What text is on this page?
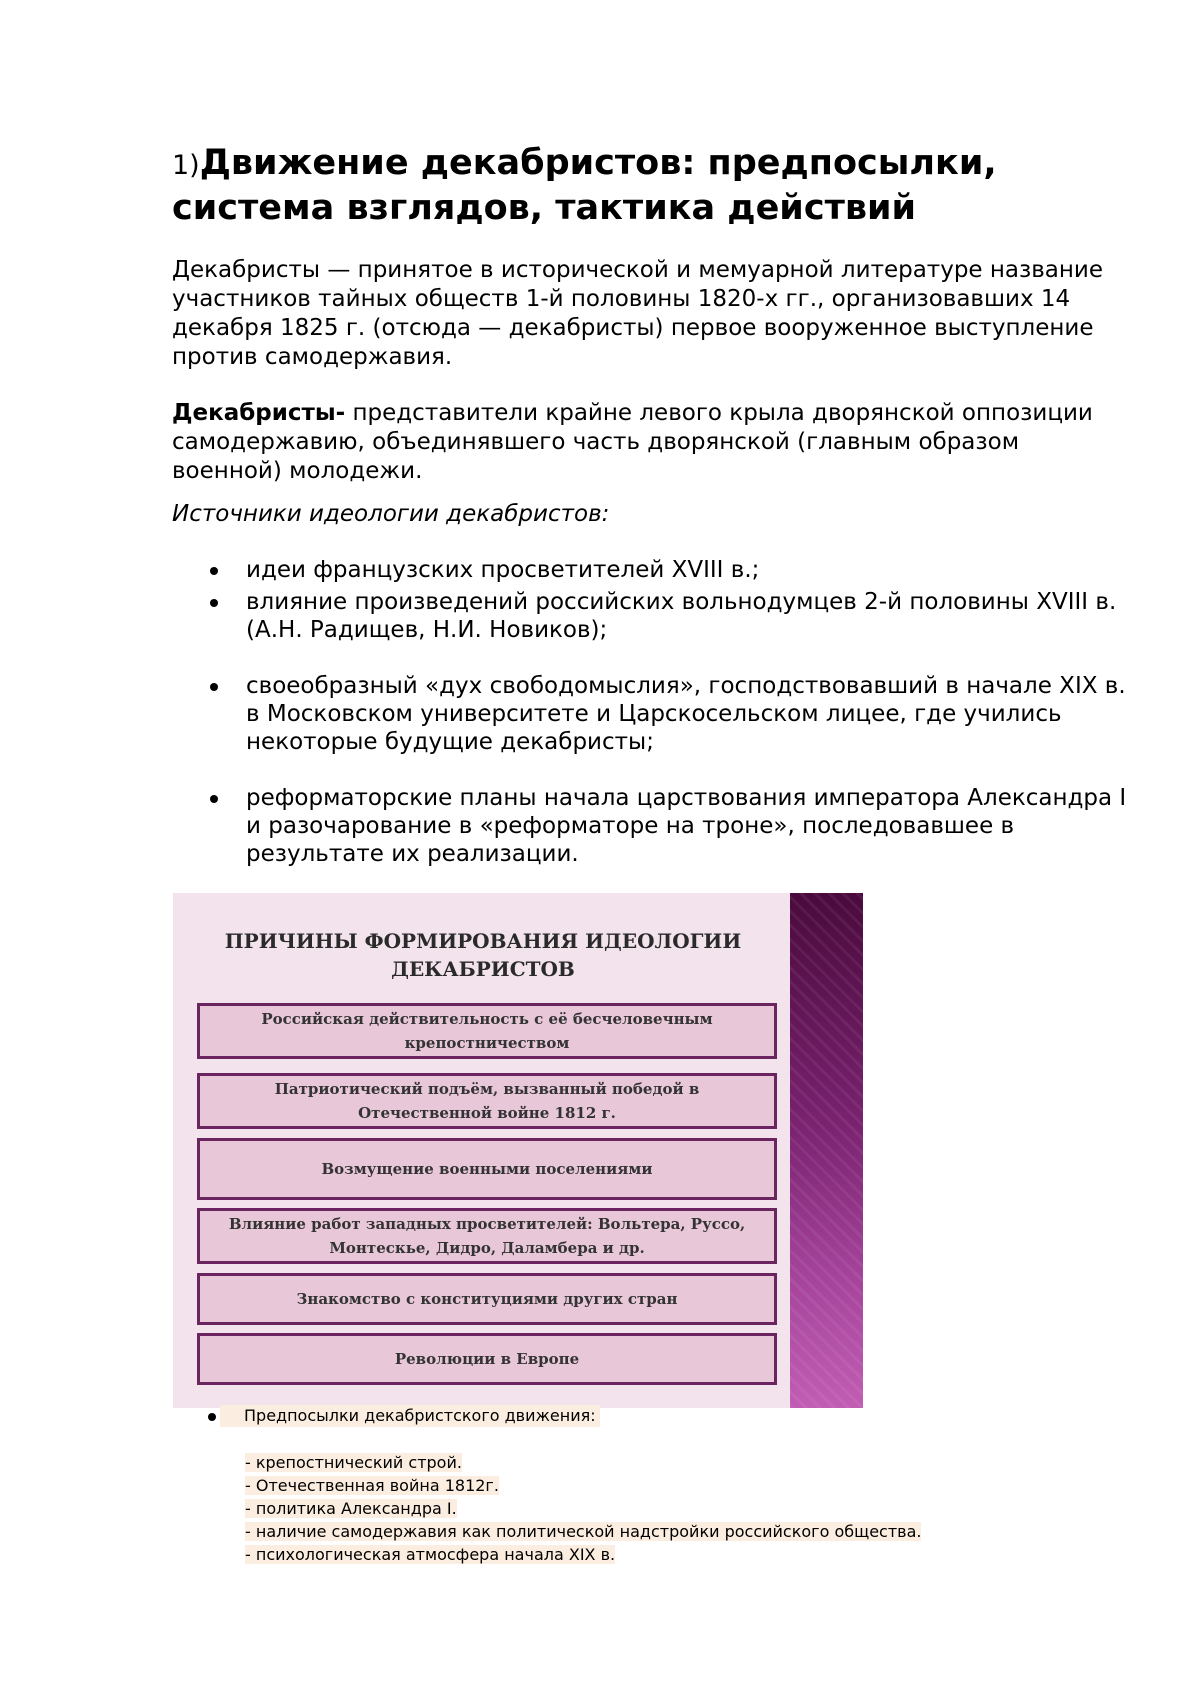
1)Движение декабристов: предпосылки, система взглядов, тактика действий

Декабристы — принятое в исторической и мемуарной литературе название участников тайных обществ 1-й половины 1820-х гг., организовавших 14 декабря 1825 г. (отсюда — декабристы) первое вооруженное выступление против самодержавия.

Декабристы- представители крайне левого крыла дворянской оппозиции самодержавию, объединявшего часть дворянской (главным образом военной) молодежи.

Источники идеологии декабристов:

идеи французских просветителей XVIII в.;
влияние произведений российских вольнодумцев 2-й половины XVIII в. (А.Н. Радищев, Н.И. Новиков);
своеобразный «дух свободомыслия», господствовавший в начале XIX в. в Московском университете и Царскосельском лицее, где учились некоторые будущие декабристы;
реформаторские планы начала царствования императора Александра I и разочарование в «реформаторе на троне», последовавшее в результате их реализации.
ПРИЧИНЫ ФОРМИРОВАНИЯ ИДЕОЛОГИИ ДЕКАБРИСТОВ
Российская действительность с её бесчеловечным крепостничеством
Патриотический подъём, вызванный победой в Отечественной войне 1812 г.
Возмущение военными поселениями
Влияние работ западных просветителей: Вольтера, Руссо, Монтескье, Дидро, Даламбера и др.
Знакомство с конституциями других стран
Революции в Европе
Предпосылки декабристского движения:
- крепостнический строй.
- Отечественная война 1812г.
- политика Александра I.
- наличие самодержавия как политической надстройки российского общества.
- психологическая атмосфера начала XIX в.
